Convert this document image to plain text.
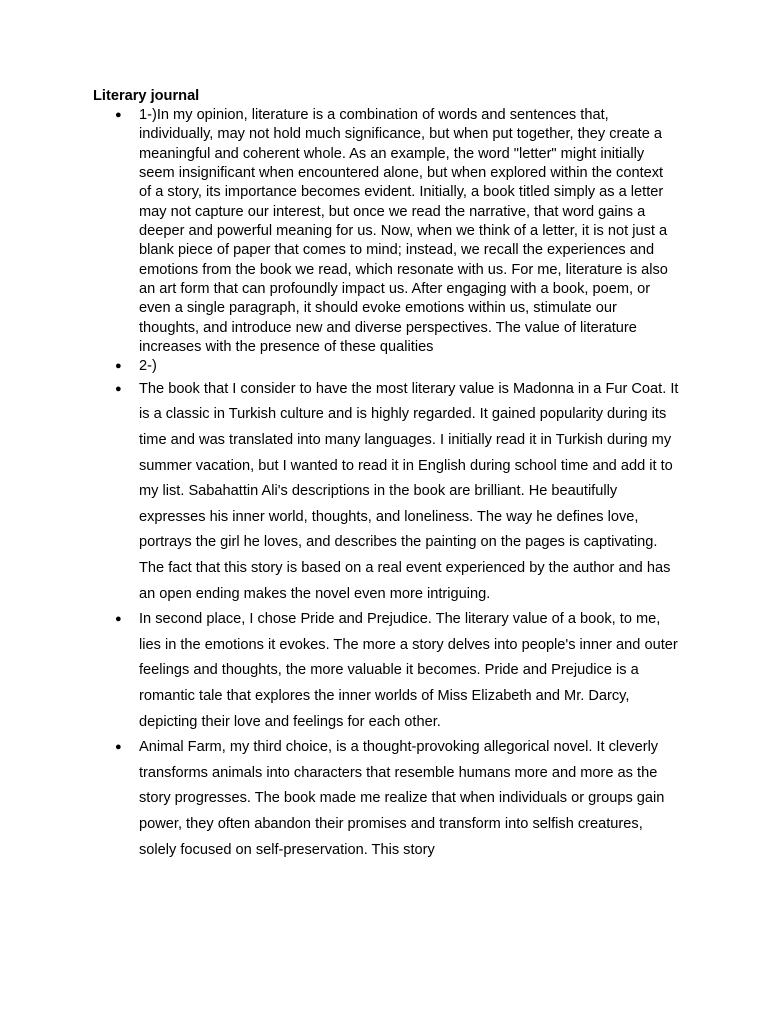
Literary journal

● 1-)In my opinion, literature is a combination of words and sentences that, individually, may not hold much significance, but when put together, they create a meaningful and coherent whole. As an example, the word "letter" might initially seem insignificant when encountered alone, but when explored within the context of a story, its importance becomes evident. Initially, a book titled simply as a letter may not capture our interest, but once we read the narrative, that word gains a deeper and powerful meaning for us. Now, when we think of a letter, it is not just a blank piece of paper that comes to mind; instead, we recall the experiences and emotions from the book we read, which resonate with us. For me, literature is also an art form that can profoundly impact us. After engaging with a book, poem, or even a single paragraph, it should evoke emotions within us, stimulate our thoughts, and introduce new and diverse perspectives. The value of literature increases with the presence of these qualities
● 2-)
● The book that I consider to have the most literary value is Madonna in a Fur Coat. It is a classic in Turkish culture and is highly regarded. It gained popularity during its time and was translated into many languages. I initially read it in Turkish during my summer vacation, but I wanted to read it in English during school time and add it to my list. Sabahattin Ali's descriptions in the book are brilliant. He beautifully expresses his inner world, thoughts, and loneliness. The way he defines love, portrays the girl he loves, and describes the painting on the pages is captivating. The fact that this story is based on a real event experienced by the author and has an open ending makes the novel even more intriguing.
● In second place, I chose Pride and Prejudice. The literary value of a book, to me, lies in the emotions it evokes. The more a story delves into people's inner and outer feelings and thoughts, the more valuable it becomes. Pride and Prejudice is a romantic tale that explores the inner worlds of Miss Elizabeth and Mr. Darcy, depicting their love and feelings for each other.
● Animal Farm, my third choice, is a thought-provoking allegorical novel. It cleverly transforms animals into characters that resemble humans more and more as the story progresses. The book made me realize that when individuals or groups gain power, they often abandon their promises and transform into selfish creatures, solely focused on self-preservation. This story
